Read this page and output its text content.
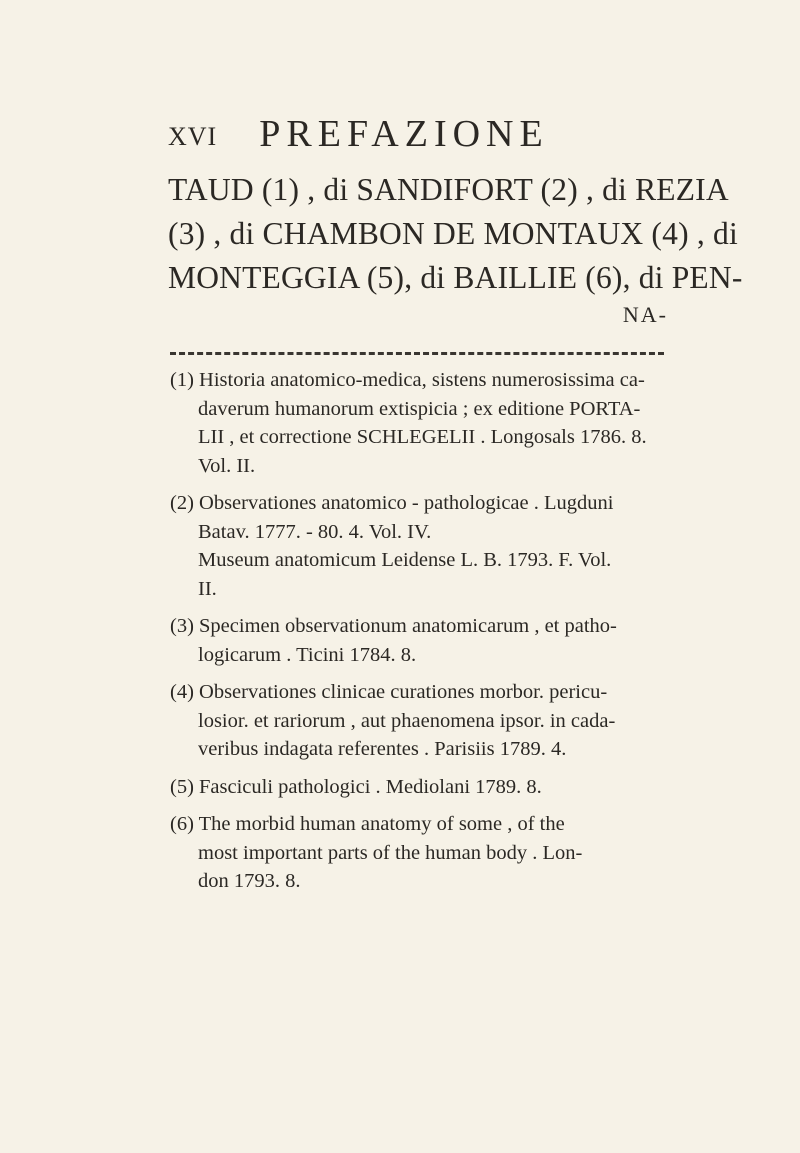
XVI	PREFAZIONE
TAUD (1) , di SANDIFORT (2) , di REZIA
(3) , di CHAMBON DE MONTAUX (4) , di
MONTEGGIA (5), di BAILLIE (6), di PEN-
NA-
(1) Historia anatomico-medica, sistens numerosissima ca-
daverum humanorum extispicia ; ex editione PORTA-
LII , et correctione SCHLEGELII . Longosals 1786. 8.
Vol. II.
(2) Observationes anatomico - pathologicae . Lugduni
Batav. 1777. - 80. 4. Vol. IV.
Museum anatomicum Leidense L. B. 1793. F. Vol.
II.
(3) Specimen observationum anatomicarum , et patho-
logicarum . Ticini 1784. 8.
(4) Observationes clinicae curationes morbor. pericu-
losior. et rariorum , aut phaenomena ipsor. in cada-
veribus indagata referentes . Parisiis 1789. 4.
(5) Fasciculi pathologici . Mediolani 1789. 8.
(6) The morbid human anatomy of some , of the
most important parts of the human body . Lon-
don 1793. 8.
